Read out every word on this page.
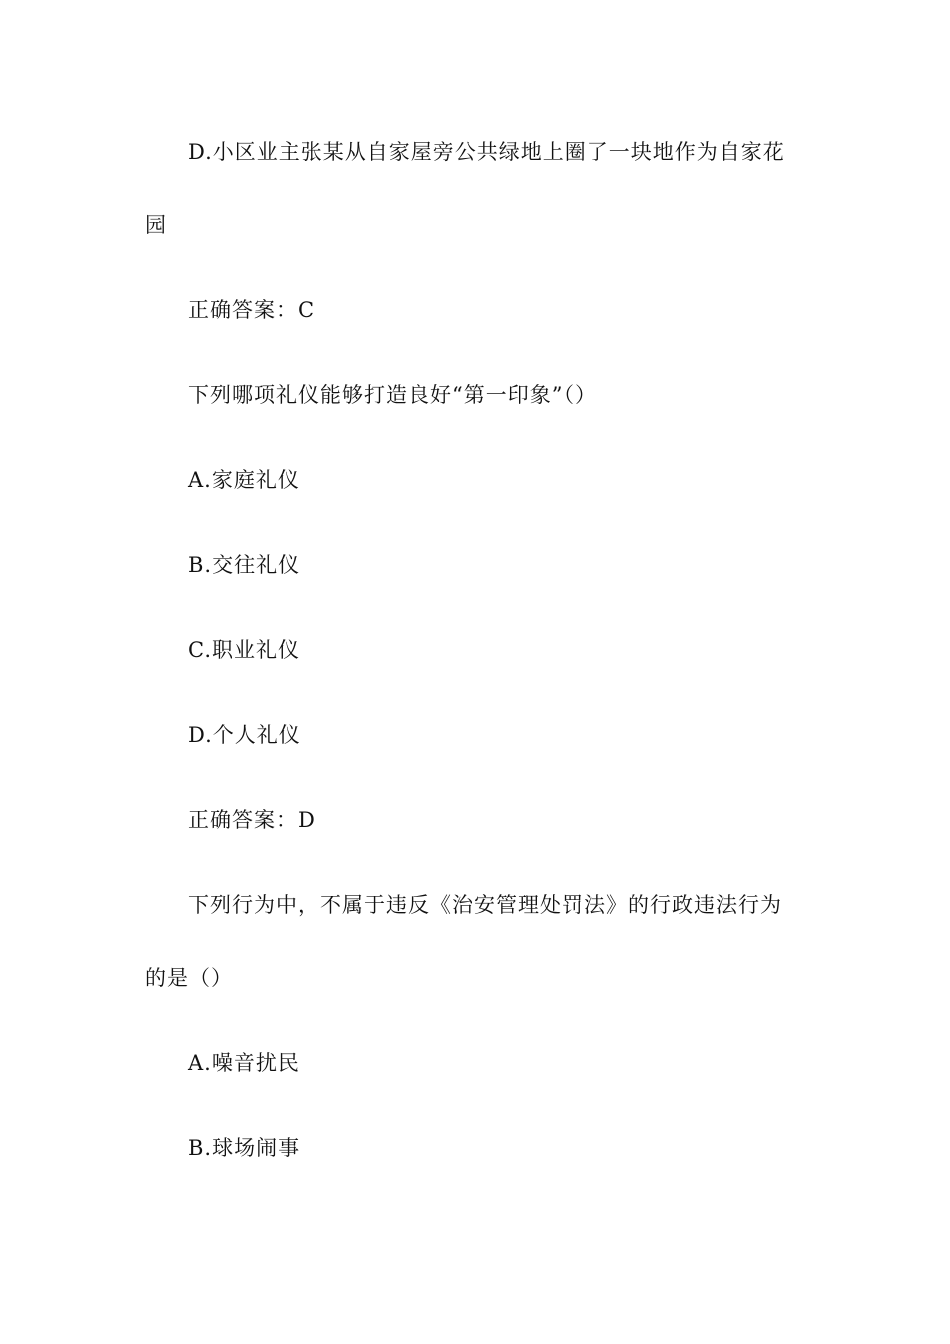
D.小区业主张某从自家屋旁公共绿地上圈了一块地作为自家花
园
正确答案：C
下列哪项礼仪能够打造良好“第一印象”（）
A.家庭礼仪
B.交往礼仪
C.职业礼仪
D.个人礼仪
正确答案：D
下列行为中，不属于违反《治安管理处罚法》的行政违法行为
的是（）
A.噪音扰民
B.球场闹事
